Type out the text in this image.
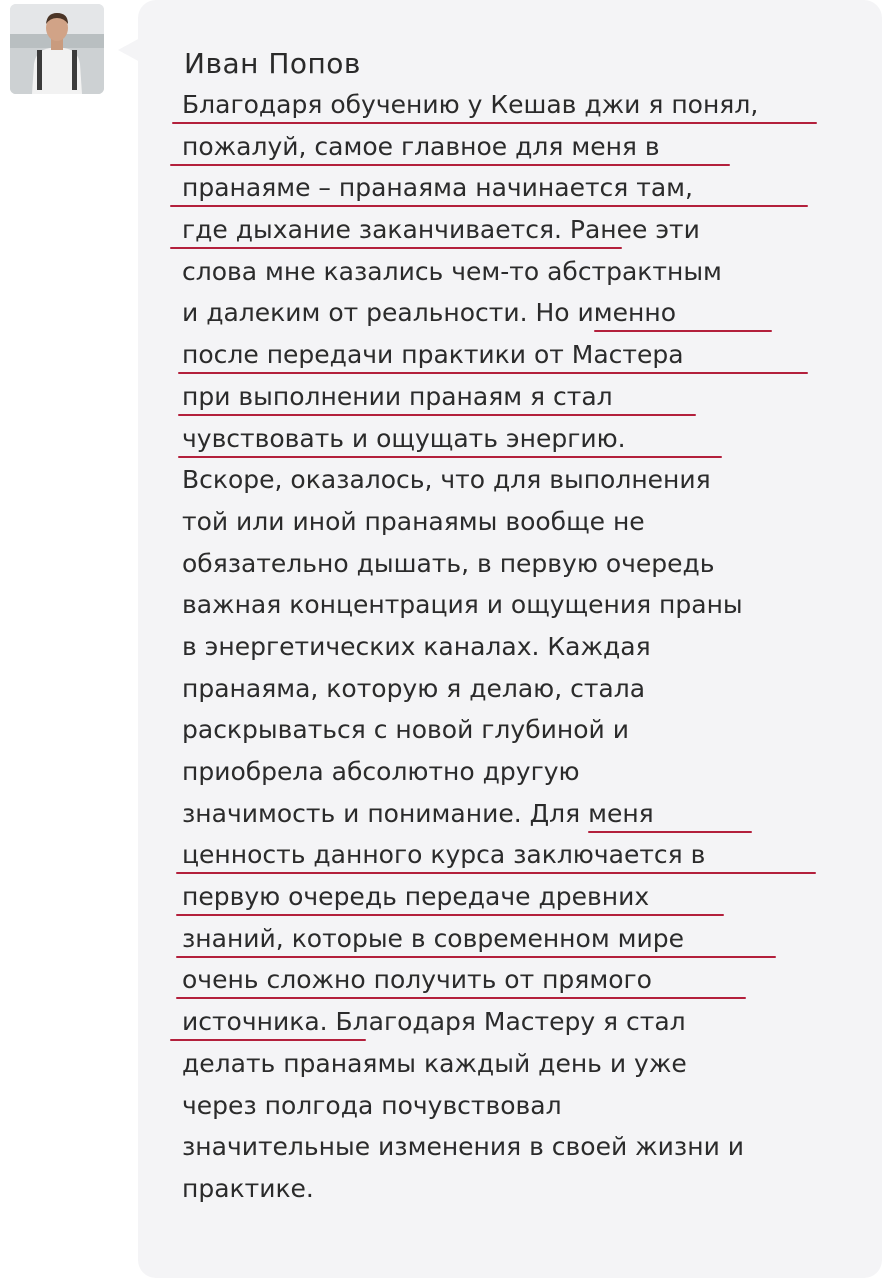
Иван Попов
Благодаря обучению у Кешав джи я понял,
пожалуй, самое главное для меня в
пранаяме – пранаяма начинается там,
где дыхание заканчивается. Ранее эти
слова мне казались чем-то абстрактным
и далеким от реальности. Но именно
после передачи практики от Мастера
при выполнении пранаям я стал
чувствовать и ощущать энергию.
Вскоре, оказалось, что для выполнения
той или иной пранаямы вообще не
обязательно дышать, в первую очередь
важная концентрация и ощущения праны
в энергетических каналах. Каждая
пранаяма, которую я делаю, стала
раскрываться с новой глубиной и
приобрела абсолютно другую
значимость и понимание. Для меня
ценность данного курса заключается в
первую очередь передаче древних
знаний, которые в современном мире
очень сложно получить от прямого
источника. Благодаря Мастеру я стал
делать пранаямы каждый день и уже
через полгода почувствовал
значительные изменения в своей жизни и
практике.
